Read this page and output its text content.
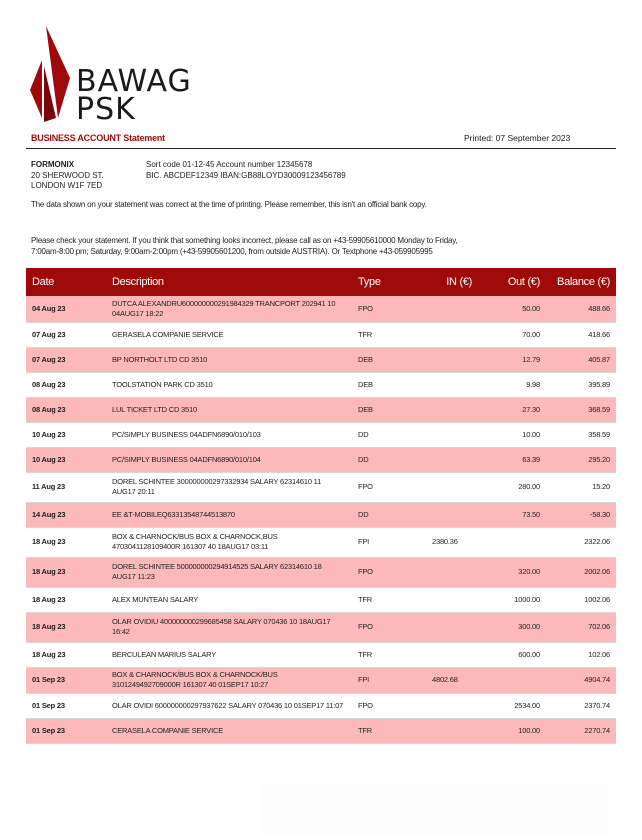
BAWAG
PSK
BUSINESS ACCOUNT Statement	Printed: 07 September 2023
FORMONIX
20 SHERWOOD ST.
LONDON W1F 7ED
Sort code 01-12-45 Account number 12345678
BIC. ABCDEF12349 IBAN:GB88LOYD30009123456789
The data shown on your statement was correct at the time of printing. Please remember, this isn't an official bank copy.
Please check your statement. If you think that something looks incorrect, please call as on +43-59905610000 Monday to Friday, 7:00am-8:00 pm; Saturday, 9:00am-2:00pm (+43-59905601200, from outside AUSTRIA). Or Textphone +43-059905995
Date	Description	Type	IN (€)	Out (€)	Balance (€)
04 Aug 23	DUTCA ALEXANDRU600000000291984329 TRANCPORT 202941 10 04AUG17 18:22	FPO		50.00	488.66
07 Aug 23	GERASELA COMPANIE SERVICE	TFR		70.00	418.66
07 Aug 23	BP NORTHOLT LTD CD 3510	DEB		12.79	405.87
08 Aug 23	TOOLSTATION PARK CD 3510	DEB		9.98	395.89
08 Aug 23	LUL TICKET LTD CD 3510	DEB		27.30	368.59
10 Aug 23	PC/SIMPLY BUSINESS 04ADFN6890/010/103	DD		10.00	358.59
10 Aug 23	PC/SIMPLY BUSINESS 04ADFN6890/010/104	DD		63.39	295.20
11 Aug 23	DOREL SCHINTEE 300000000297332934 SALARY 62314610 11 AUG17 20:11	FPO		280.00	15.20
14 Aug 23	EE &T-MOBILEQ63313548744513870	DD		73.50	-58.30
18 Aug 23	BOX & CHARNOCK/BUS BOX & CHARNOCK,BUS 4703041128109400R 161307 40 18AUG17 03:11	FPI	2380.36		2322.06
18 Aug 23	DOREL SCHINTEE 500000000294914525 SALARY 62314610 18 AUG17 11:23	FPO		320.00	2002.06
18 Aug 23	ALEX MUNTEAN SALARY	TFR		1000.00	1002.06
18 Aug 23	OLAR OVIDIU 400000000299685458 SALARY 070436 10 18AUG17 16:42	FPO		300.00	702.06
18 Aug 23	BERCULEAN MARIUS SALARY	TFR		600.00	102.06
01 Sep 23	BOX & CHARNOCK/BUS BOX & CHARNOCK/BUS 3101249492709000R 161307 40 01SEP17 10:27	FPI	4802.68		4904.74
01 Sep 23	OLAR OVIDI 600000000297937622 SALARY 070436 10 01SEP17 11:07	FPO		2534.00	2370.74
01 Sep 23	CERASELA COMPANIE SERVICE	TFR		100.00	2270.74
